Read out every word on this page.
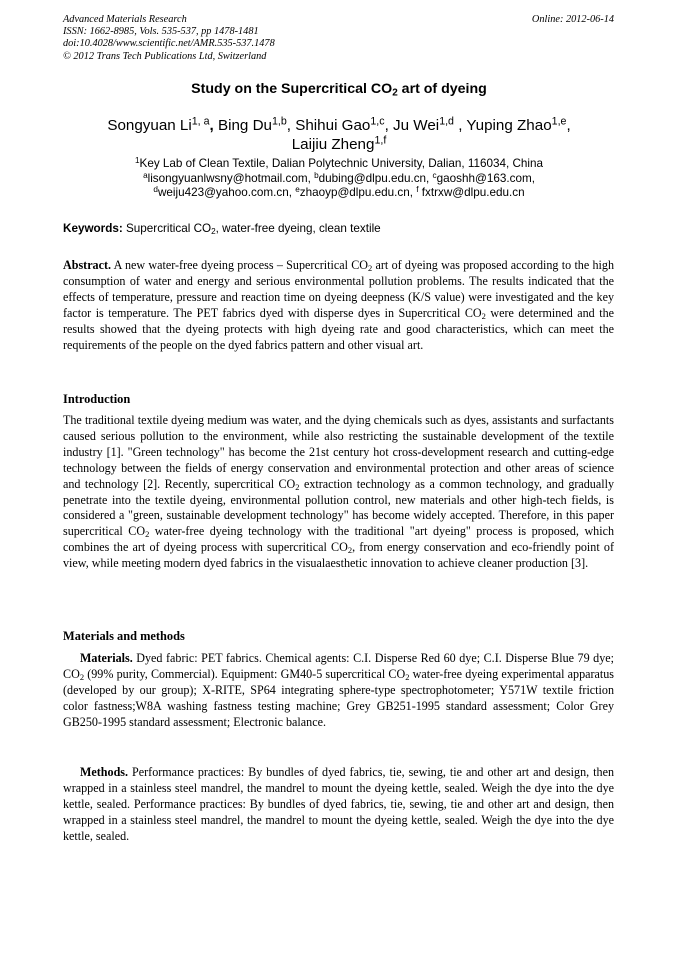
Advanced Materials Research
ISSN: 1662-8985, Vols. 535-537, pp 1478-1481
doi:10.4028/www.scientific.net/AMR.535-537.1478
© 2012 Trans Tech Publications Ltd, Switzerland
Online: 2012-06-14
Study on the Supercritical $CO_2$ art of dyeing
Songyuan Li$^{1, a}$, Bing Du$^{1,b}$, Shihui Gao$^{1,c}$, Ju Wei$^{1,d}$ , Yuping Zhao$^{1,e}$,
Laijiu Zheng$^{1,f}$
$^1$Key Lab of Clean Textile, Dalian Polytechnic University, Dalian, 116034, China
$^a$lisongyuanlwsny@hotmail.com, $^b$dubing@dlpu.edu.cn, $^c$gaoshh@163.com,
$^d$weiju423@yahoo.com.cn, $^e$zhaoyp@dlpu.edu.cn, $^f$ fxtrxw@dlpu.edu.cn
Keywords: Supercritical $CO_2$, water-free dyeing, clean textile
Abstract. A new water-free dyeing process – Supercritical $CO_2$ art of dyeing was proposed according to the high consumption of water and energy and serious environmental pollution problems. The results indicated that the effects of temperature, pressure and reaction time on dyeing deepness (K/S value) were investigated and the key factor is temperature. The PET fabrics dyed with disperse dyes in Supercritical $CO_2$ were determined and the results showed that the dyeing protects with high dyeing rate and good characteristics, which can meet the requirements of the people on the dyed fabrics pattern and other visual art.
Introduction
The traditional textile dyeing medium was water, and the dying chemicals such as dyes, assistants and surfactants caused serious pollution to the environment, while also restricting the sustainable development of the textile industry [1]. "Green technology" has become the 21st century hot cross-development research and cutting-edge technology between the fields of energy conservation and environmental protection and other areas of science and technology [2]. Recently, supercritical $CO_2$ extraction technology as a common technology, and gradually penetrate into the textile dyeing, environmental pollution control, new materials and other high-tech fields, is considered a "green, sustainable development technology" has become widely accepted. Therefore, in this paper supercritical $CO_2$ water-free dyeing technology with the traditional "art dyeing" process is proposed, which combines the art of dyeing process with supercritical $CO_2$, from energy conservation and eco-friendly point of view, while meeting modern dyed fabrics in the visualaesthetic innovation to achieve cleaner production [3].
Materials and methods
Materials. Dyed fabric: PET fabrics. Chemical agents: C.I. Disperse Red 60 dye; C.I. Disperse Blue 79 dye; $CO_2$ (99% purity, Commercial). Equipment: GM40-5 supercritical $CO_2$ water-free dyeing experimental apparatus (developed by our group); X-RITE, SP64 integrating sphere-type spectrophotometer; Y571W textile friction color fastness;W8A washing fastness testing machine; Grey GB251-1995 standard assessment; Color Grey GB250-1995 standard assessment; Electronic balance.
Methods. Performance practices: By bundles of dyed fabrics, tie, sewing, tie and other art and design, then wrapped in a stainless steel mandrel, the mandrel to mount the dyeing kettle, sealed. Weigh the dye into the dye kettle, sealed. Performance practices: By bundles of dyed fabrics, tie, sewing, tie and other art and design, then wrapped in a stainless steel mandrel, the mandrel to mount the dyeing kettle, sealed. Weigh the dye into the dye kettle, sealed.
